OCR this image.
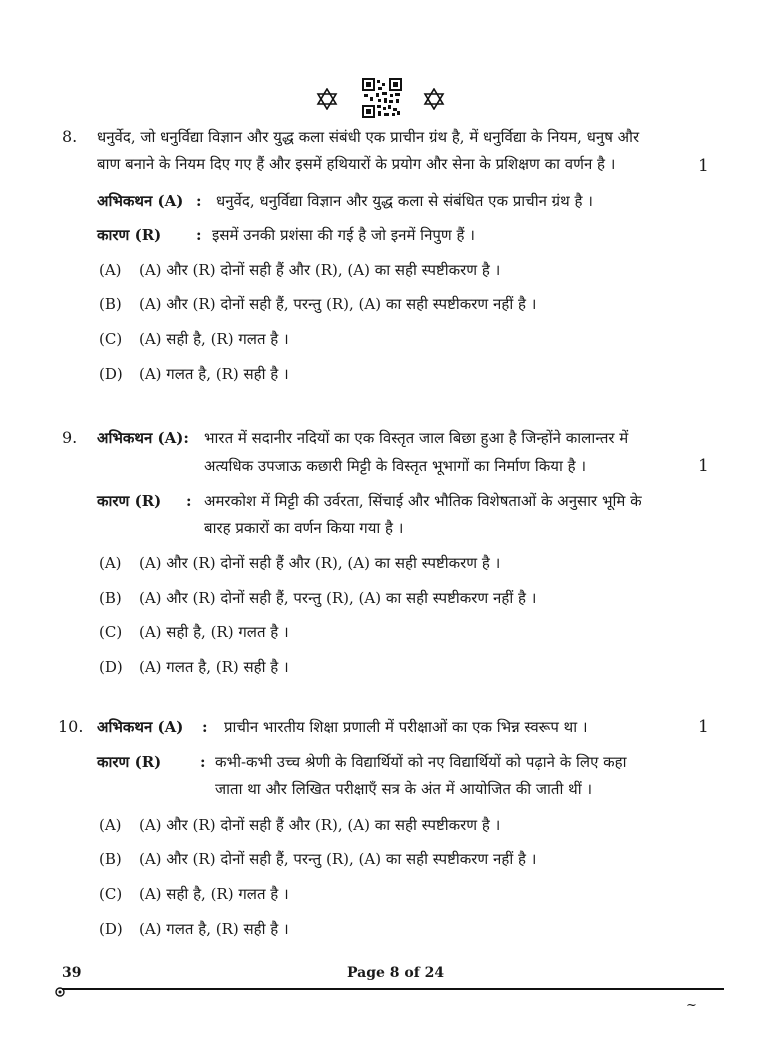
8. धनुर्वेद, जो धनुर्विद्या विज्ञान और युद्ध कला संबंधी एक प्राचीन ग्रंथ है, में धनुर्विद्या के नियम, धनुष और
बाण बनाने के नियम दिए गए हैं और इसमें हथियारों के प्रयोग और सेना के प्रशिक्षण का वर्णन है ।	1
अभिकथन (A) : धनुर्वेद, धनुर्विद्या विज्ञान और युद्ध कला से संबंधित एक प्राचीन ग्रंथ है ।
कारण (R) : इसमें उनकी प्रशंसा की गई है जो इनमें निपुण हैं ।
(A) (A) और (R) दोनों सही हैं और (R), (A) का सही स्पष्टीकरण है ।
(B) (A) और (R) दोनों सही हैं, परन्तु (R), (A) का सही स्पष्टीकरण नहीं है ।
(C) (A) सही है, (R) गलत है ।
(D) (A) गलत है, (R) सही है ।
9. अभिकथन (A): भारत में सदानीर नदियों का एक विस्तृत जाल बिछा हुआ है जिन्होंने कालान्तर में
अत्यधिक उपजाऊ कछारी मिट्टी के विस्तृत भूभागों का निर्माण किया है ।	1
कारण (R) : अमरकोश में मिट्टी की उर्वरता, सिंचाई और भौतिक विशेषताओं के अनुसार भूमि के
बारह प्रकारों का वर्णन किया गया है ।
(A) (A) और (R) दोनों सही हैं और (R), (A) का सही स्पष्टीकरण है ।
(B) (A) और (R) दोनों सही हैं, परन्तु (R), (A) का सही स्पष्टीकरण नहीं है ।
(C) (A) सही है, (R) गलत है ।
(D) (A) गलत है, (R) सही है ।
10. अभिकथन (A) : प्राचीन भारतीय शिक्षा प्रणाली में परीक्षाओं का एक भिन्न स्वरूप था ।	1
कारण (R)	: कभी-कभी उच्च श्रेणी के विद्यार्थियों को नए विद्यार्थियों को पढ़ाने के लिए कहा
जाता था और लिखित परीक्षाएँ सत्र के अंत में आयोजित की जाती थीं ।
(A) (A) और (R) दोनों सही हैं और (R), (A) का सही स्पष्टीकरण है ।
(B) (A) और (R) दोनों सही हैं, परन्तु (R), (A) का सही स्पष्टीकरण नहीं है ।
(C) (A) सही है, (R) गलत है ।
(D) (A) गलत है, (R) सही है ।
39	Page 8 of 24
~
